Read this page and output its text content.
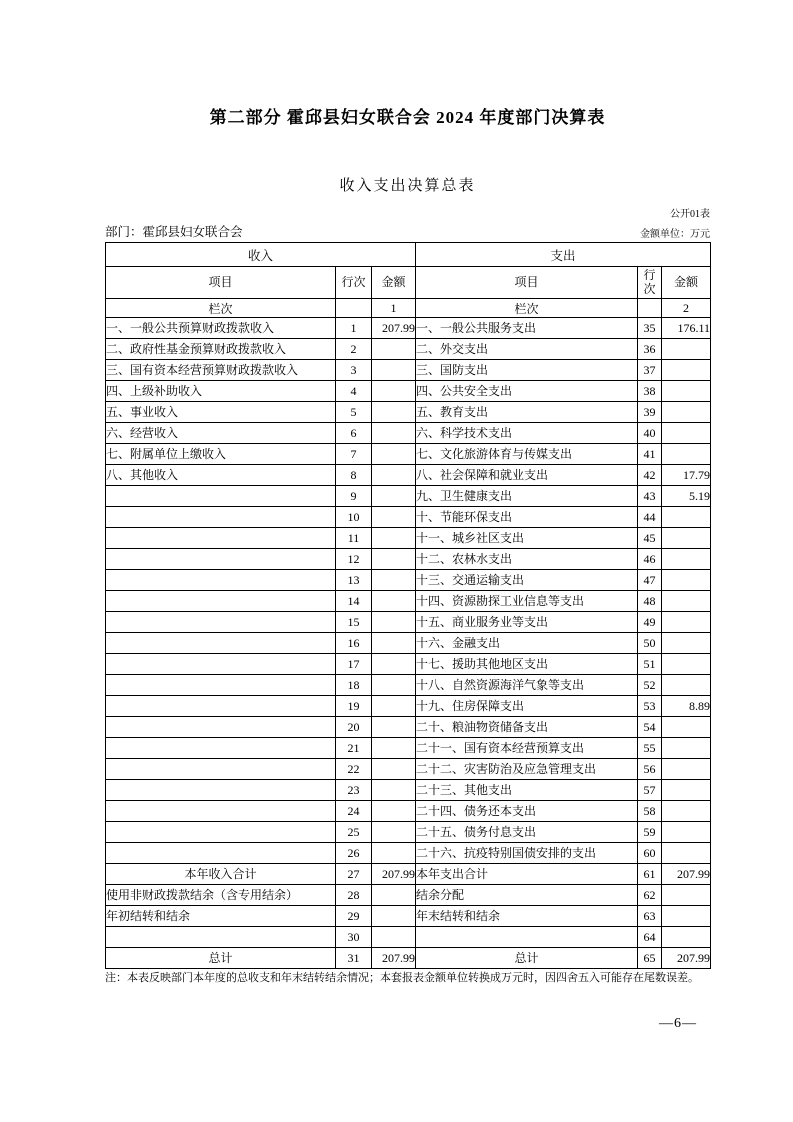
第二部分 霍邱县妇女联合会 2024 年度部门决算表
收入支出决算总表
公开01表
部门：霍邱县妇女联合会	金额单位：万元
收入			支出		
项目	行次	金额	项目	行次	金额
栏次		1	栏次		2
一、一般公共预算财政拨款收入	1	207.99	一、一般公共服务支出	35	176.11
二、政府性基金预算财政拨款收入	2		二、外交支出	36	
三、国有资本经营预算财政拨款收入	3		三、国防支出	37	
四、上级补助收入	4		四、公共安全支出	38	
五、事业收入	5		五、教育支出	39	
六、经营收入	6		六、科学技术支出	40	
七、附属单位上缴收入	7		七、文化旅游体育与传媒支出	41	
八、其他收入	8		八、社会保障和就业支出	42	17.79
	9		九、卫生健康支出	43	5.19
	10		十、节能环保支出	44	
	11		十一、城乡社区支出	45	
	12		十二、农林水支出	46	
	13		十三、交通运输支出	47	
	14		十四、资源勘探工业信息等支出	48	
	15		十五、商业服务业等支出	49	
	16		十六、金融支出	50	
	17		十七、援助其他地区支出	51	
	18		十八、自然资源海洋气象等支出	52	
	19		十九、住房保障支出	53	8.89
	20		二十、粮油物资储备支出	54	
	21		二十一、国有资本经营预算支出	55	
	22		二十二、灾害防治及应急管理支出	56	
	23		二十三、其他支出	57	
	24		二十四、债务还本支出	58	
	25		二十五、债务付息支出	59	
	26		二十六、抗疫特别国债安排的支出	60	
本年收入合计	27	207.99	本年支出合计	61	207.99
使用非财政拨款结余（含专用结余）	28		结余分配	62	
年初结转和结余	29		年末结转和结余	63	
	30			64	
总计	31	207.99	总计	65	207.99
注：本表反映部门本年度的总收支和年末结转结余情况；本套报表金额单位转换成万元时，因四舍五入可能存在尾数误差。
—6—
